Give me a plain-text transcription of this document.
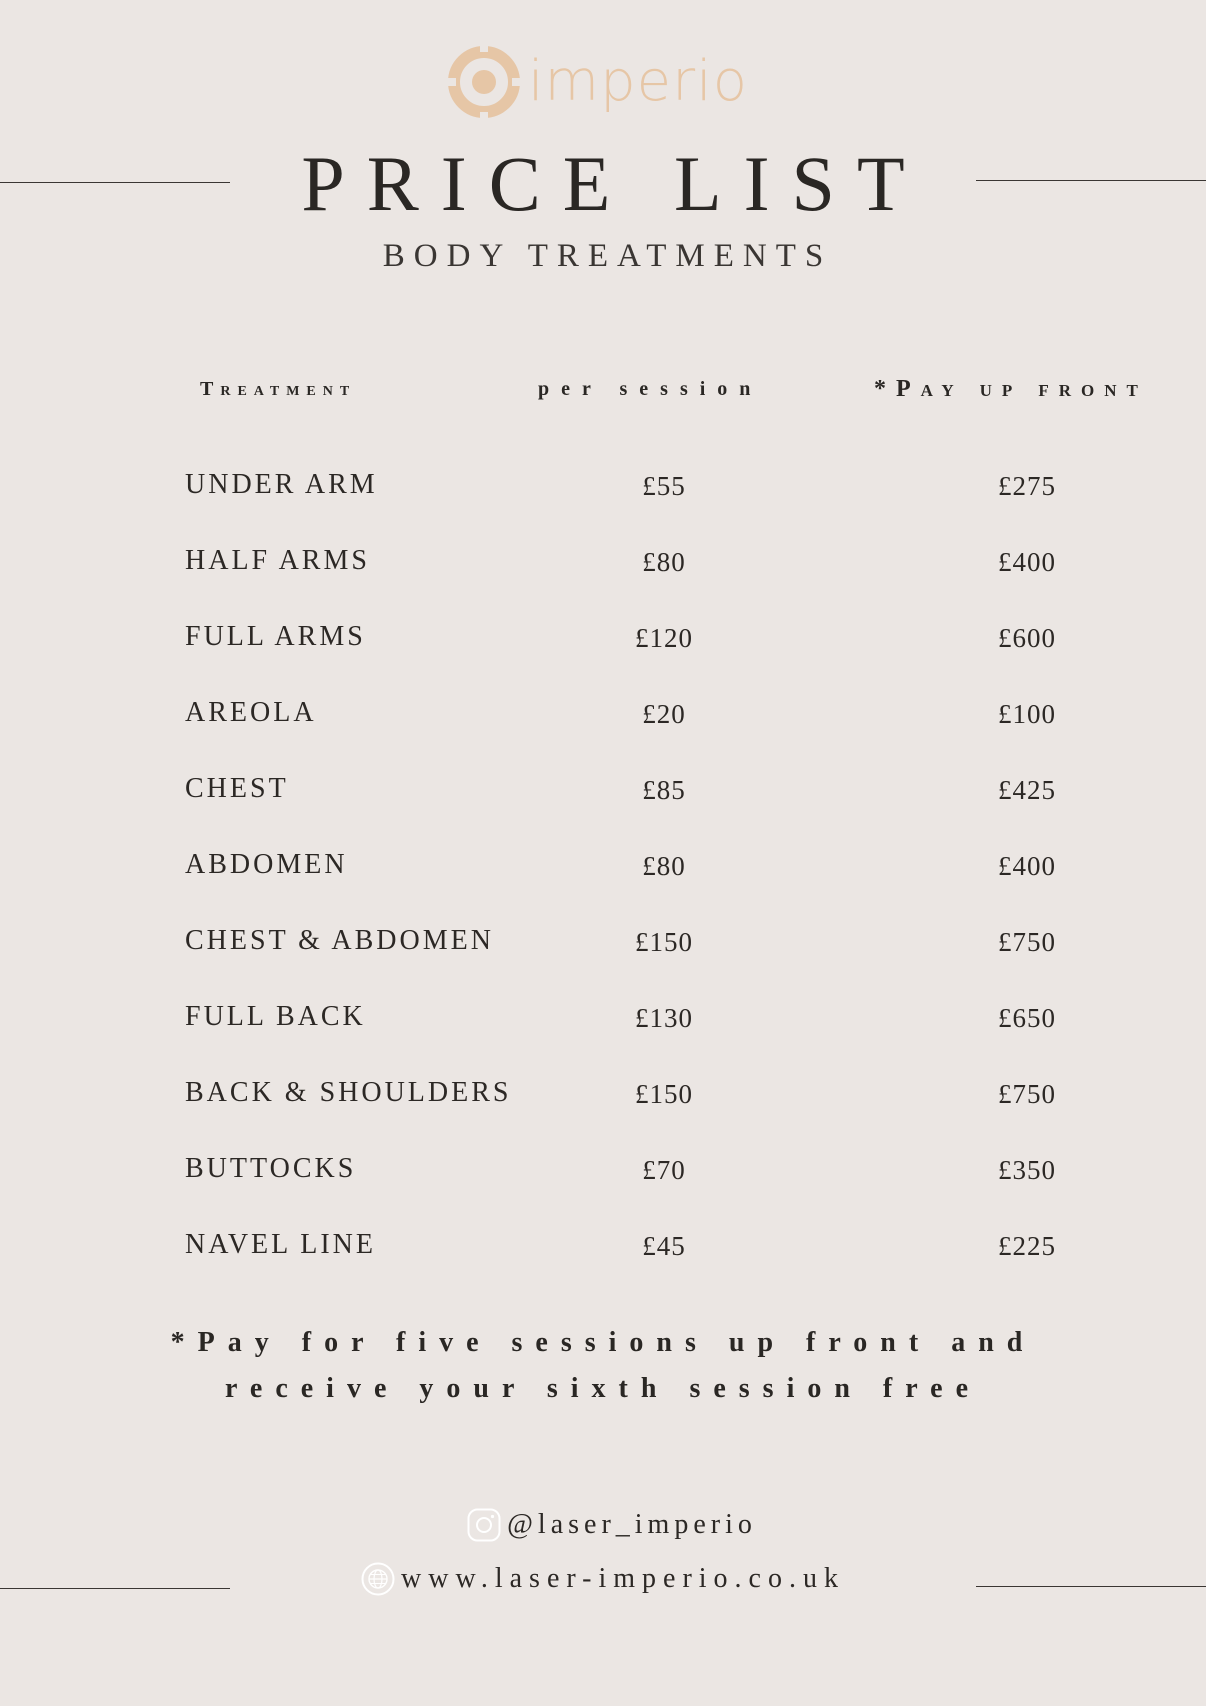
imperio
PRICE LIST
BODY TREATMENTS
Treatment	per session	*Pay up front
UNDER ARM	£55	£275
HALF ARMS	£80	£400
FULL ARMS	£120	£600
AREOLA	£20	£100
CHEST	£85	£425
ABDOMEN	£80	£400
CHEST & ABDOMEN	£150	£750
FULL BACK	£130	£650
BACK & SHOULDERS	£150	£750
BUTTOCKS	£70	£350
NAVEL LINE	£45	£225
*Pay for five sessions up front and
receive your sixth session free
@laser_imperio
www.laser-imperio.co.uk
